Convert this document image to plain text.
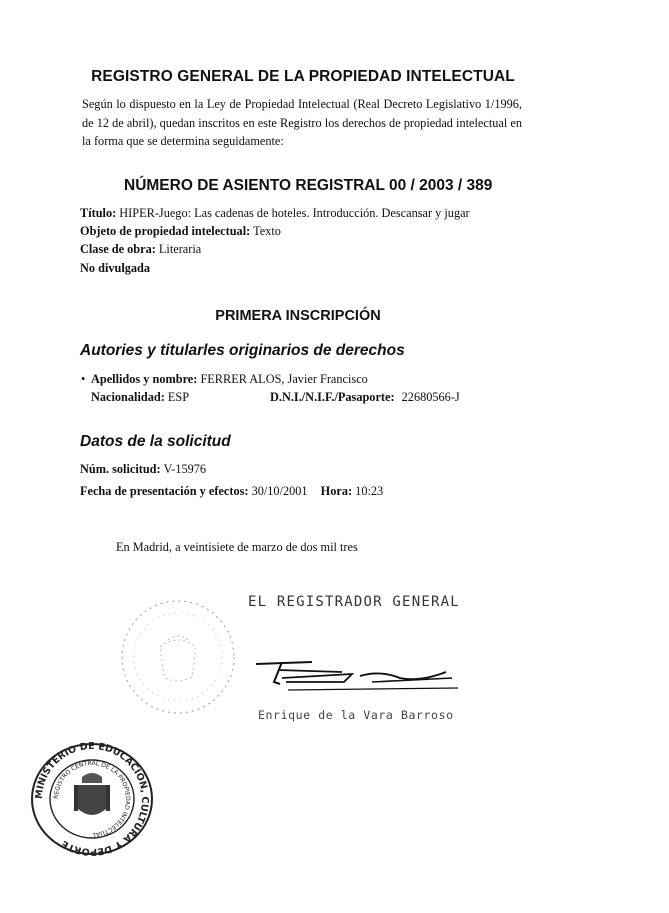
REGISTRO GENERAL DE LA PROPIEDAD INTELECTUAL
Según lo dispuesto en la Ley de Propiedad Intelectual (Real Decreto Legislativo 1/1996, de 12 de abril), quedan inscritos en este Registro los derechos de propiedad intelectual en la forma que se determina seguidamente:
NÚMERO DE ASIENTO REGISTRAL 00 / 2003 / 389
Título: HIPER-Juego: Las cadenas de hoteles. Introducción. Descansar y jugar
Objeto de propiedad intelectual: Texto
Clase de obra: Literaria
No divulgada
PRIMERA INSCRIPCIÓN
Autories y titularles originarios de derechos
• Apellidos y nombre: FERRER ALOS, Javier Francisco
Nacionalidad: ESP	D.N.I./N.I.F./Pasaporte: 22680566-J
Datos de la solicitud
Núm. solicitud: V-15976
Fecha de presentación y efectos: 30/10/2001 Hora: 10:23
En Madrid, a veintisiete de marzo de dos mil tres
EL REGISTRADOR GENERAL
Enrique de la Vara Barroso
MINISTERIO DE EDUCACIÓN, CULTURA Y DEPORTE
REGISTRO CENTRAL DE LA PROPIEDAD INTELECTUAL
